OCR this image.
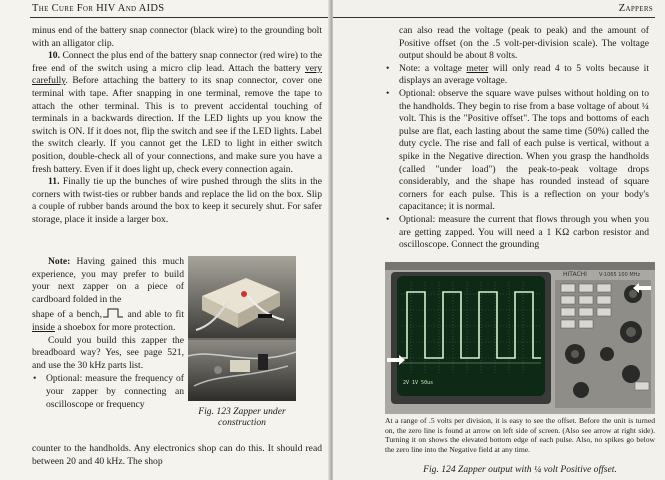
The Cure For HIV And AIDS

minus end of the battery snap connector (black wire) to the grounding bolt with an alligator clip.

10. Connect the plus end of the battery snap connector (red wire) to the free end of the switch using a micro clip lead. Attach the battery very carefully. Before attaching the battery to its snap connector, cover one terminal with tape. After snapping in one terminal, remove the tape to attach the other terminal. This is to prevent accidental touching of terminals in a backwards direction. If the LED lights up you know the switch is ON. If it does not, flip the switch and see if the LED lights. Label the switch clearly. If you cannot get the LED to light in either switch position, double-check all of your connections, and make sure you have a fresh battery. Even if it does light up, check every connection again.

11. Finally tie up the bunches of wire pushed through the slits in the corners with twist-ties or rubber bands and replace the lid on the box. Slip a couple of rubber bands around the box to keep it securely shut. For safer storage, place it inside a larger box.

Note: Having gained this much experience, you may prefer to build your next zapper on a piece of cardboard folded in the

shape of a bench, and able to fit inside a shoebox for more protection.

Could you build this zapper the breadboard way? Yes, see page 521, and use the 30 kHz parts list.

• Optional: measure the frequency of your zapper by connecting an oscilloscope or frequency

counter to the handholds. Any electronics shop can do this. It should read between 20 and 40 kHz. The shop

Fig. 123 Zapper under construction
Zappers

can also read the voltage (peak to peak) and the amount of Positive offset (on the .5 volt-per-division scale). The voltage output should be about 8 volts.

• Note: a voltage meter will only read 4 to 5 volts because it displays an average voltage.

• Optional: observe the square wave pulses without holding on to the handholds. They begin to rise from a base voltage of about ¼ volt. This is the "Positive offset". The tops and bottoms of each pulse are flat, each lasting about the same time (50%) called the duty cycle. The rise and fall of each pulse is vertical, without a spike in the Negative direction. When you grasp the handholds (called "under load") the peak-to-peak voltage drops considerably, and the shape has rounded instead of square corners for each pulse. This is a reflection on your body's capacitance; it is normal.

• Optional: measure the current that flows through you when you are getting zapped. You will need a 1 KΩ carbon resistor and oscilloscope. Connect the grounding

HITACHI V-1065 100 MHz
2V 1V 50us
At a range of .5 volts per division, it is easy to see the offset. Before the unit is turned on, the zero line is found at arrow on left side of screen. (Also see arrow at right side). Turning it on shows the elevated bottom edge of each pulse. Also, no spikes go below the zero line into the Negative field at any time.
Fig. 124 Zapper output with ¼ volt Positive offset.
